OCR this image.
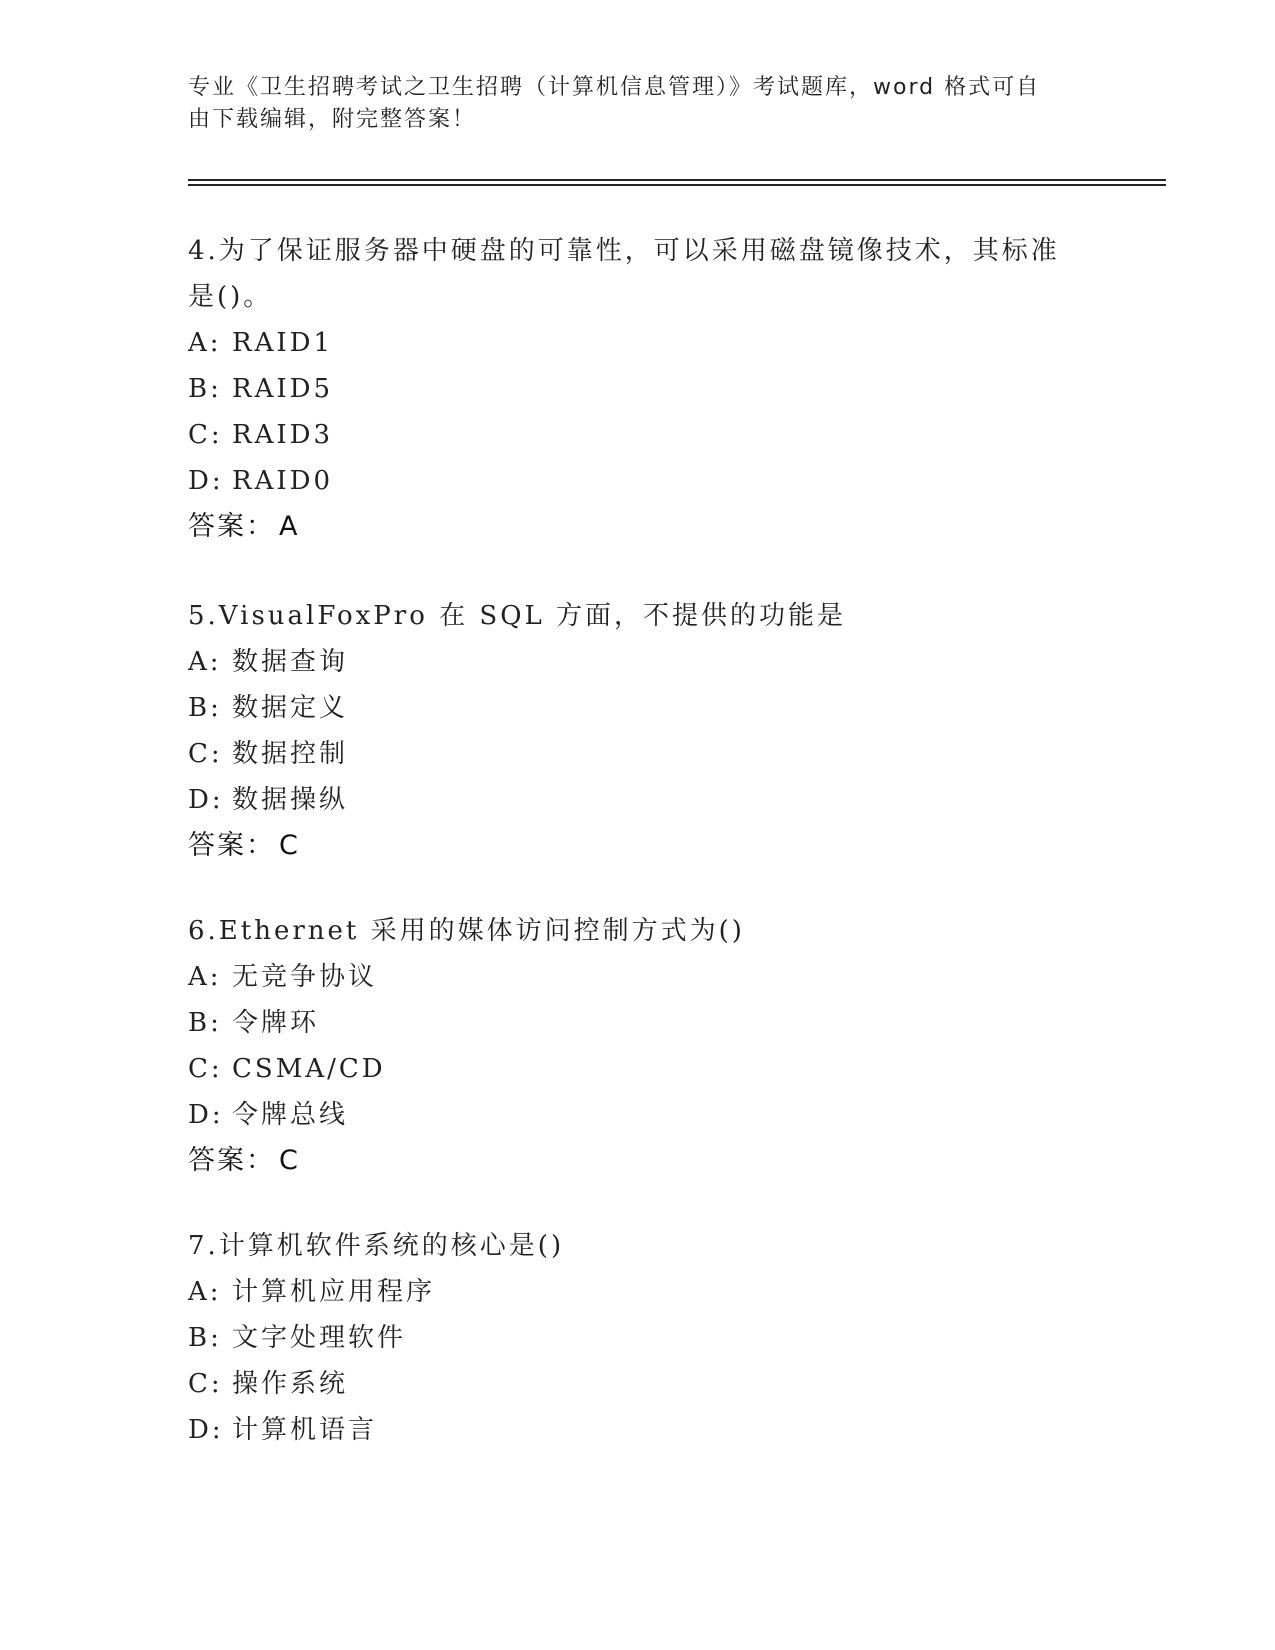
专业《卫生招聘考试之卫生招聘（计算机信息管理）》考试题库，word 格式可自
由下载编辑，附完整答案！

4.为了保证服务器中硬盘的可靠性，可以采用磁盘镜像技术，其标准
是()。

A: RAID1

B: RAID5

C: RAID3

D: RAID0

答案： A

5.VisualFoxPro 在 SQL 方面，不提供的功能是

A: 数据查询

B: 数据定义

C: 数据控制

D: 数据操纵

答案： C

6.Ethernet 采用的媒体访问控制方式为()

A: 无竞争协议

B: 令牌环

C: CSMA/CD

D: 令牌总线

答案： C

7.计算机软件系统的核心是()

A: 计算机应用程序

B: 文字处理软件

C: 操作系统

D: 计算机语言
